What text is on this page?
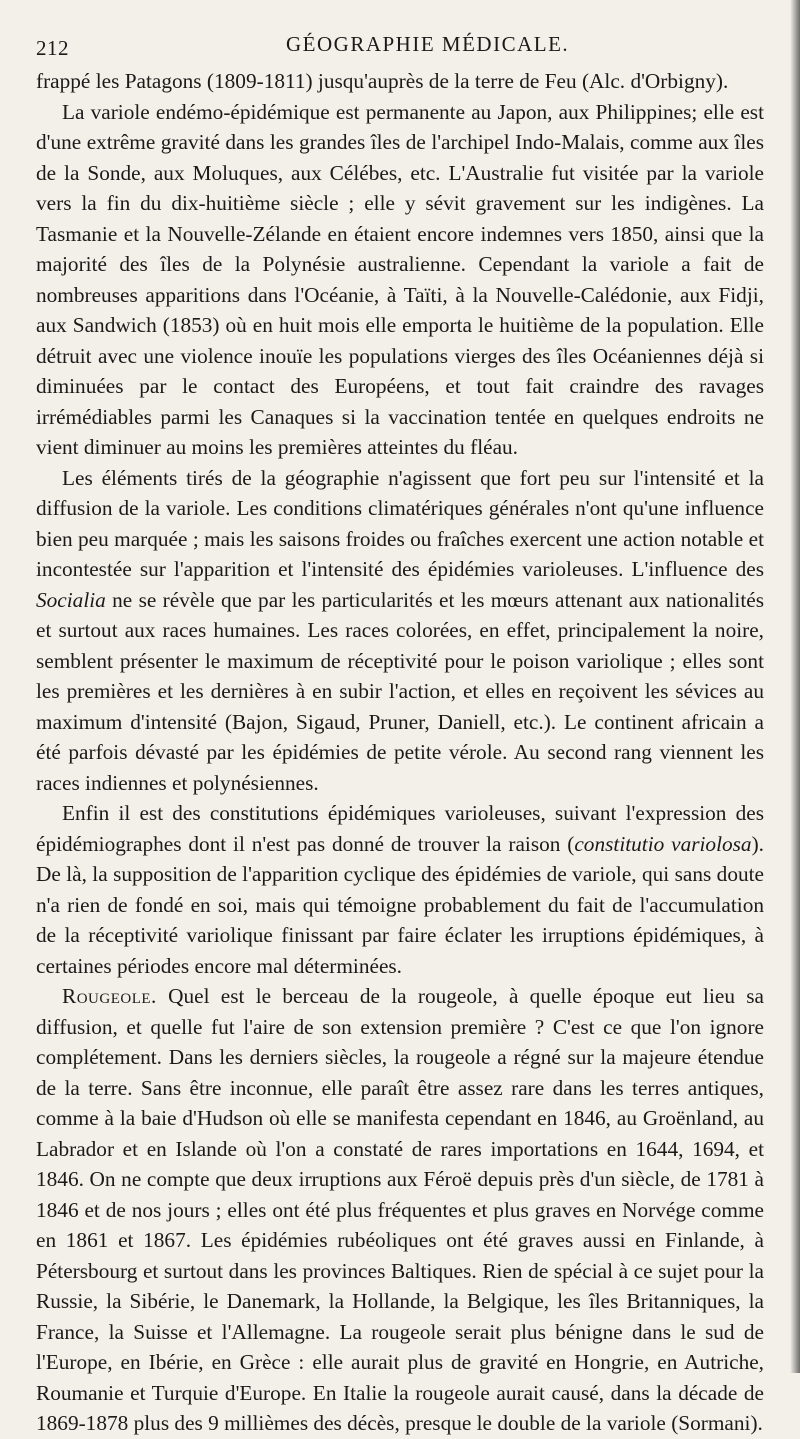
212	GÉOGRAPHIE MÉDICALE.

frappé les Patagons (1809-1811) jusqu'auprès de la terre de Feu (Alc. d'Orbigny).

La variole endémo-épidémique est permanente au Japon, aux Philippines; elle est d'une extrême gravité dans les grandes îles de l'archipel Indo-Malais, comme aux îles de la Sonde, aux Moluques, aux Célébes, etc. L'Australie fut visitée par la variole vers la fin du dix-huitième siècle ; elle y sévit gravement sur les indigènes. La Tasmanie et la Nouvelle-Zélande en étaient encore indemnes vers 1850, ainsi que la majorité des îles de la Polynésie australienne. Cependant la variole a fait de nombreuses apparitions dans l'Océanie, à Taïti, à la Nouvelle-Calédonie, aux Fidji, aux Sandwich (1853) où en huit mois elle emporta le huitième de la population. Elle détruit avec une violence inouïe les populations vierges des îles Océaniennes déjà si diminuées par le contact des Européens, et tout fait craindre des ravages irrémédiables parmi les Canaques si la vaccination tentée en quelques endroits ne vient diminuer au moins les premières atteintes du fléau.

Les éléments tirés de la géographie n'agissent que fort peu sur l'intensité et la diffusion de la variole. Les conditions climatériques générales n'ont qu'une influence bien peu marquée ; mais les saisons froides ou fraîches exercent une action notable et incontestée sur l'apparition et l'intensité des épidémies varioleuses. L'influence des Socialia ne se révèle que par les particularités et les mœurs attenant aux nationalités et surtout aux races humaines. Les races colorées, en effet, principalement la noire, semblent présenter le maximum de réceptivité pour le poison variolique ; elles sont les premières et les dernières à en subir l'action, et elles en reçoivent les sévices au maximum d'intensité (Bajon, Sigaud, Pruner, Daniell, etc.). Le continent africain a été parfois dévasté par les épidémies de petite vérole. Au second rang viennent les races indiennes et polynésiennes.

Enfin il est des constitutions épidémiques varioleuses, suivant l'expression des épidémiographes dont il n'est pas donné de trouver la raison (constitutio variolosa). De là, la supposition de l'apparition cyclique des épidémies de variole, qui sans doute n'a rien de fondé en soi, mais qui témoigne probablement du fait de l'accumulation de la réceptivité variolique finissant par faire éclater les irruptions épidémiques, à certaines périodes encore mal déterminées.

Rougeole. Quel est le berceau de la rougeole, à quelle époque eut lieu sa diffusion, et quelle fut l'aire de son extension première ? C'est ce que l'on ignore complétement. Dans les derniers siècles, la rougeole a régné sur la majeure étendue de la terre. Sans être inconnue, elle paraît être assez rare dans les terres antiques, comme à la baie d'Hudson où elle se manifesta cependant en 1846, au Groënland, au Labrador et en Islande où l'on a constaté de rares importations en 1644, 1694, et 1846. On ne compte que deux irruptions aux Féroë depuis près d'un siècle, de 1781 à 1846 et de nos jours ; elles ont été plus fréquentes et plus graves en Norvége comme en 1861 et 1867. Les épidémies rubéoliques ont été graves aussi en Finlande, à Pétersbourg et surtout dans les provinces Baltiques. Rien de spécial à ce sujet pour la Russie, la Sibérie, le Danemark, la Hollande, la Belgique, les îles Britanniques, la France, la Suisse et l'Allemagne. La rougeole serait plus bénigne dans le sud de l'Europe, en Ibérie, en Grèce : elle aurait plus de gravité en Hongrie, en Autriche, Roumanie et Turquie d'Europe. En Italie la rougeole aurait causé, dans la décade de 1869-1878 plus des 9 millièmes des décès, presque le double de la variole (Sormani).
